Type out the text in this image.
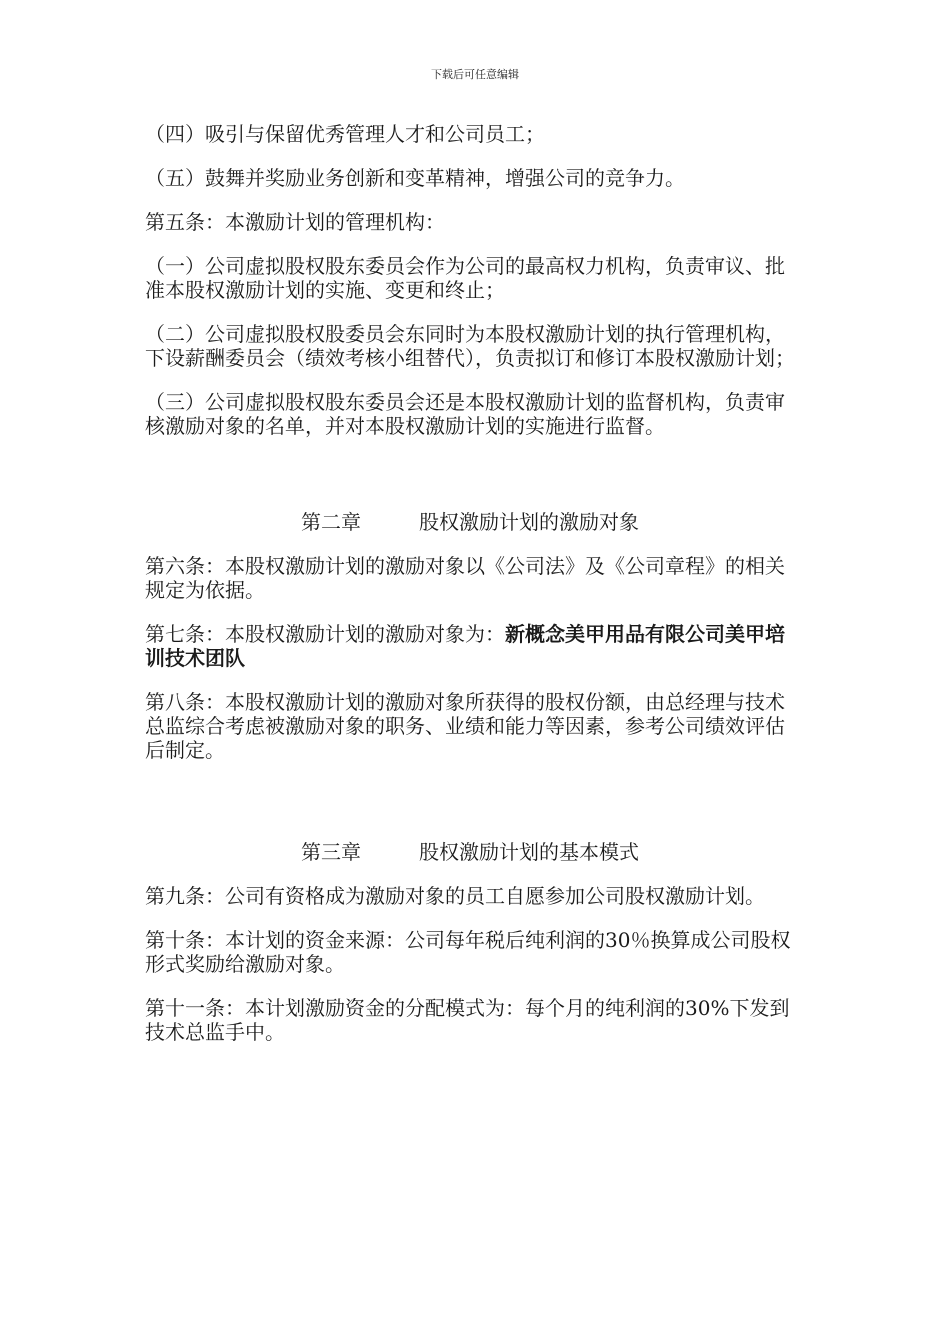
下载后可任意编辑

（四）吸引与保留优秀管理人才和公司员工；

（五）鼓舞并奖励业务创新和变革精神，增强公司的竞争力。

第五条：本激励计划的管理机构：

（一）公司虚拟股权股东委员会作为公司的最高权力机构，负责审议、批准本股权激励计划的实施、变更和终止；

（二）公司虚拟股权股委员会东同时为本股权激励计划的执行管理机构，下设薪酬委员会（绩效考核小组替代），负责拟订和修订本股权激励计划；

（三）公司虚拟股权股东委员会还是本股权激励计划的监督机构，负责审核激励对象的名单，并对本股权激励计划的实施进行监督。

第二章	股权激励计划的激励对象

第六条：本股权激励计划的激励对象以《公司法》及《公司章程》的相关规定为依据。

第七条：本股权激励计划的激励对象为：新概念美甲用品有限公司美甲培训技术团队

第八条：本股权激励计划的激励对象所获得的股权份额，由总经理与技术总监综合考虑被激励对象的职务、业绩和能力等因素，参考公司绩效评估后制定。

第三章	股权激励计划的基本模式

第九条：公司有资格成为激励对象的员工自愿参加公司股权激励计划。

第十条：本计划的资金来源：公司每年税后纯利润的30％换算成公司股权形式奖励给激励对象。

第十一条：本计划激励资金的分配模式为：每个月的纯利润的30%下发到技术总监手中。
